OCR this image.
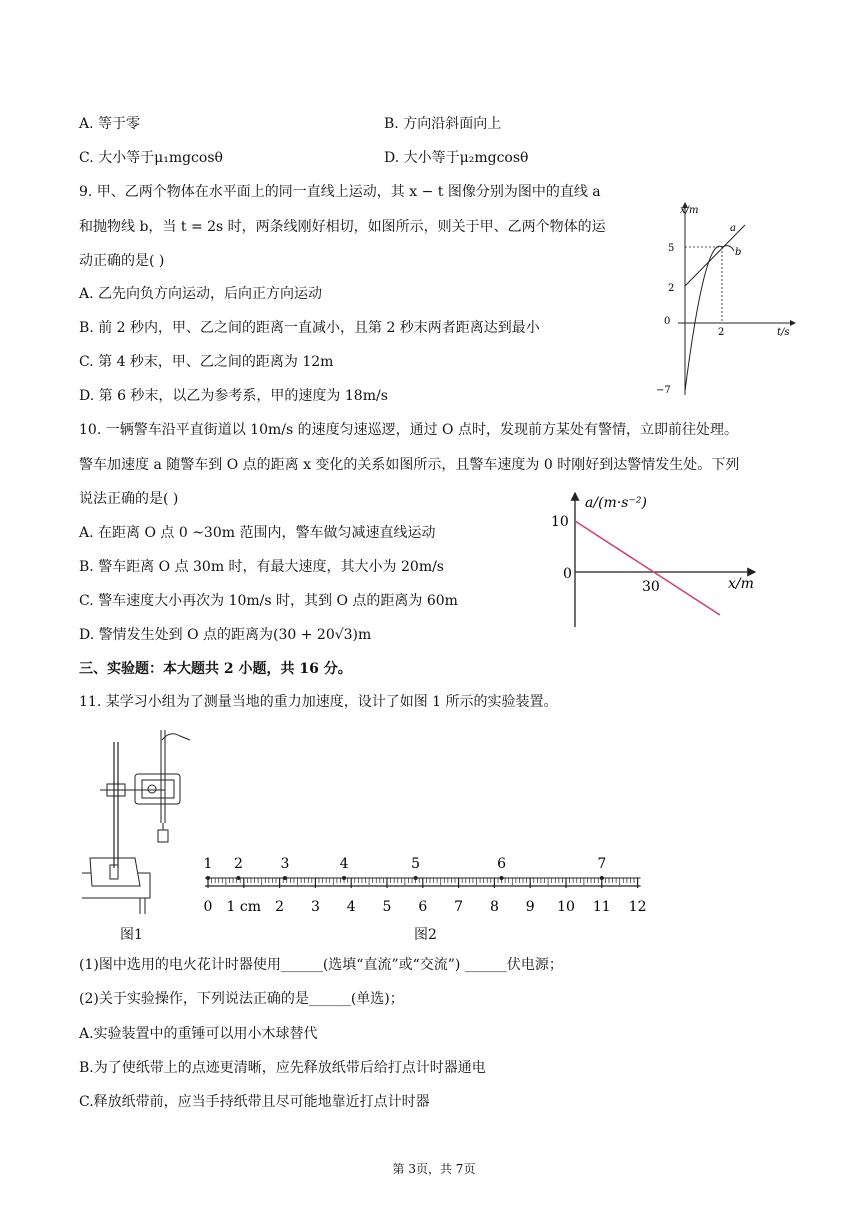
A. 等于零	B. 方向沿斜面向上
C. 大小等于μ₁mgcosθ	D. 大小等于μ₂mgcosθ
9. 甲、乙两个物体在水平面上的同一直线上运动，其 x − t 图像分别为图中的直线 a
和抛物线 b，当 t = 2s 时，两条线刚好相切，如图所示，则关于甲、乙两个物体的运
动正确的是( )
A. 乙先向负方向运动，后向正方向运动
B. 前 2 秒内，甲、乙之间的距离一直减小，且第 2 秒末两者距离达到最小
C. 第 4 秒末，甲、乙之间的距离为 12m
D. 第 6 秒末，以乙为参考系，甲的速度为 18m/s
x/m
t/s
0
5
2
−7
2
a
b
10. 一辆警车沿平直街道以 10m/s 的速度匀速巡逻，通过 O 点时，发现前方某处有警情，立即前往处理。
警车加速度 a 随警车到 O 点的距离 x 变化的关系如图所示，且警车速度为 0 时刚好到达警情发生处。下列
说法正确的是( )
A. 在距离 O 点 0 ~30m 范围内，警车做匀减速直线运动
B. 警车距离 O 点 30m 时，有最大速度，其大小为 20m/s
C. 警车速度大小再次为 10m/s 时，其到 O 点的距离为 60m
D. 警情发生处到 O 点的距离为(30 + 20√3)m
a/(m·s⁻²)
x/m
10
0
30
三、实验题：本大题共 2 小题，共 16 分。
11. 某学习小组为了测量当地的重力加速度，设计了如图 1 所示的实验装置。
图1
0 1 cm 2 3 4 5 6 7 8 9 10 11 12
1 2	3	4	5	6	7
图2
(1)图中选用的电火花计时器使用______(选填“直流”或“交流”) ______伏电源；
(2)关于实验操作，下列说法正确的是______(单选)；
A.实验装置中的重锤可以用小木球替代
B.为了使纸带上的点迹更清晰，应先释放纸带后给打点计时器通电
C.释放纸带前，应当手持纸带且尽可能地靠近打点计时器
第 3页，共 7页
